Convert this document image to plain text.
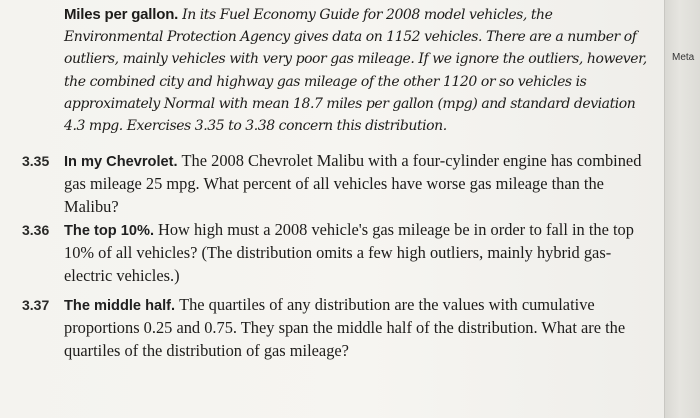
Miles per gallon. In its Fuel Economy Guide for 2008 model vehicles, the Environmental Protection Agency gives data on 1152 vehicles. There are a number of outliers, mainly vehicles with very poor gas mileage. If we ignore the outliers, however, the combined city and highway gas mileage of the other 1120 or so vehicles is approximately Normal with mean 18.7 miles per gallon (mpg) and standard deviation 4.3 mpg. Exercises 3.35 to 3.38 concern this distribution.

3.35 In my Chevrolet. The 2008 Chevrolet Malibu with a four-cylinder engine has combined gas mileage 25 mpg. What percent of all vehicles have worse gas mileage than the Malibu?

3.36 The top 10%. How high must a 2008 vehicle's gas mileage be in order to fall in the top 10% of all vehicles? (The distribution omits a few high outliers, mainly hybrid gas-electric vehicles.)

3.37 The middle half. The quartiles of any distribution are the values with cumulative proportions 0.25 and 0.75. They span the middle half of the distribution. What are the quartiles of the distribution of gas mileage?

Meta
